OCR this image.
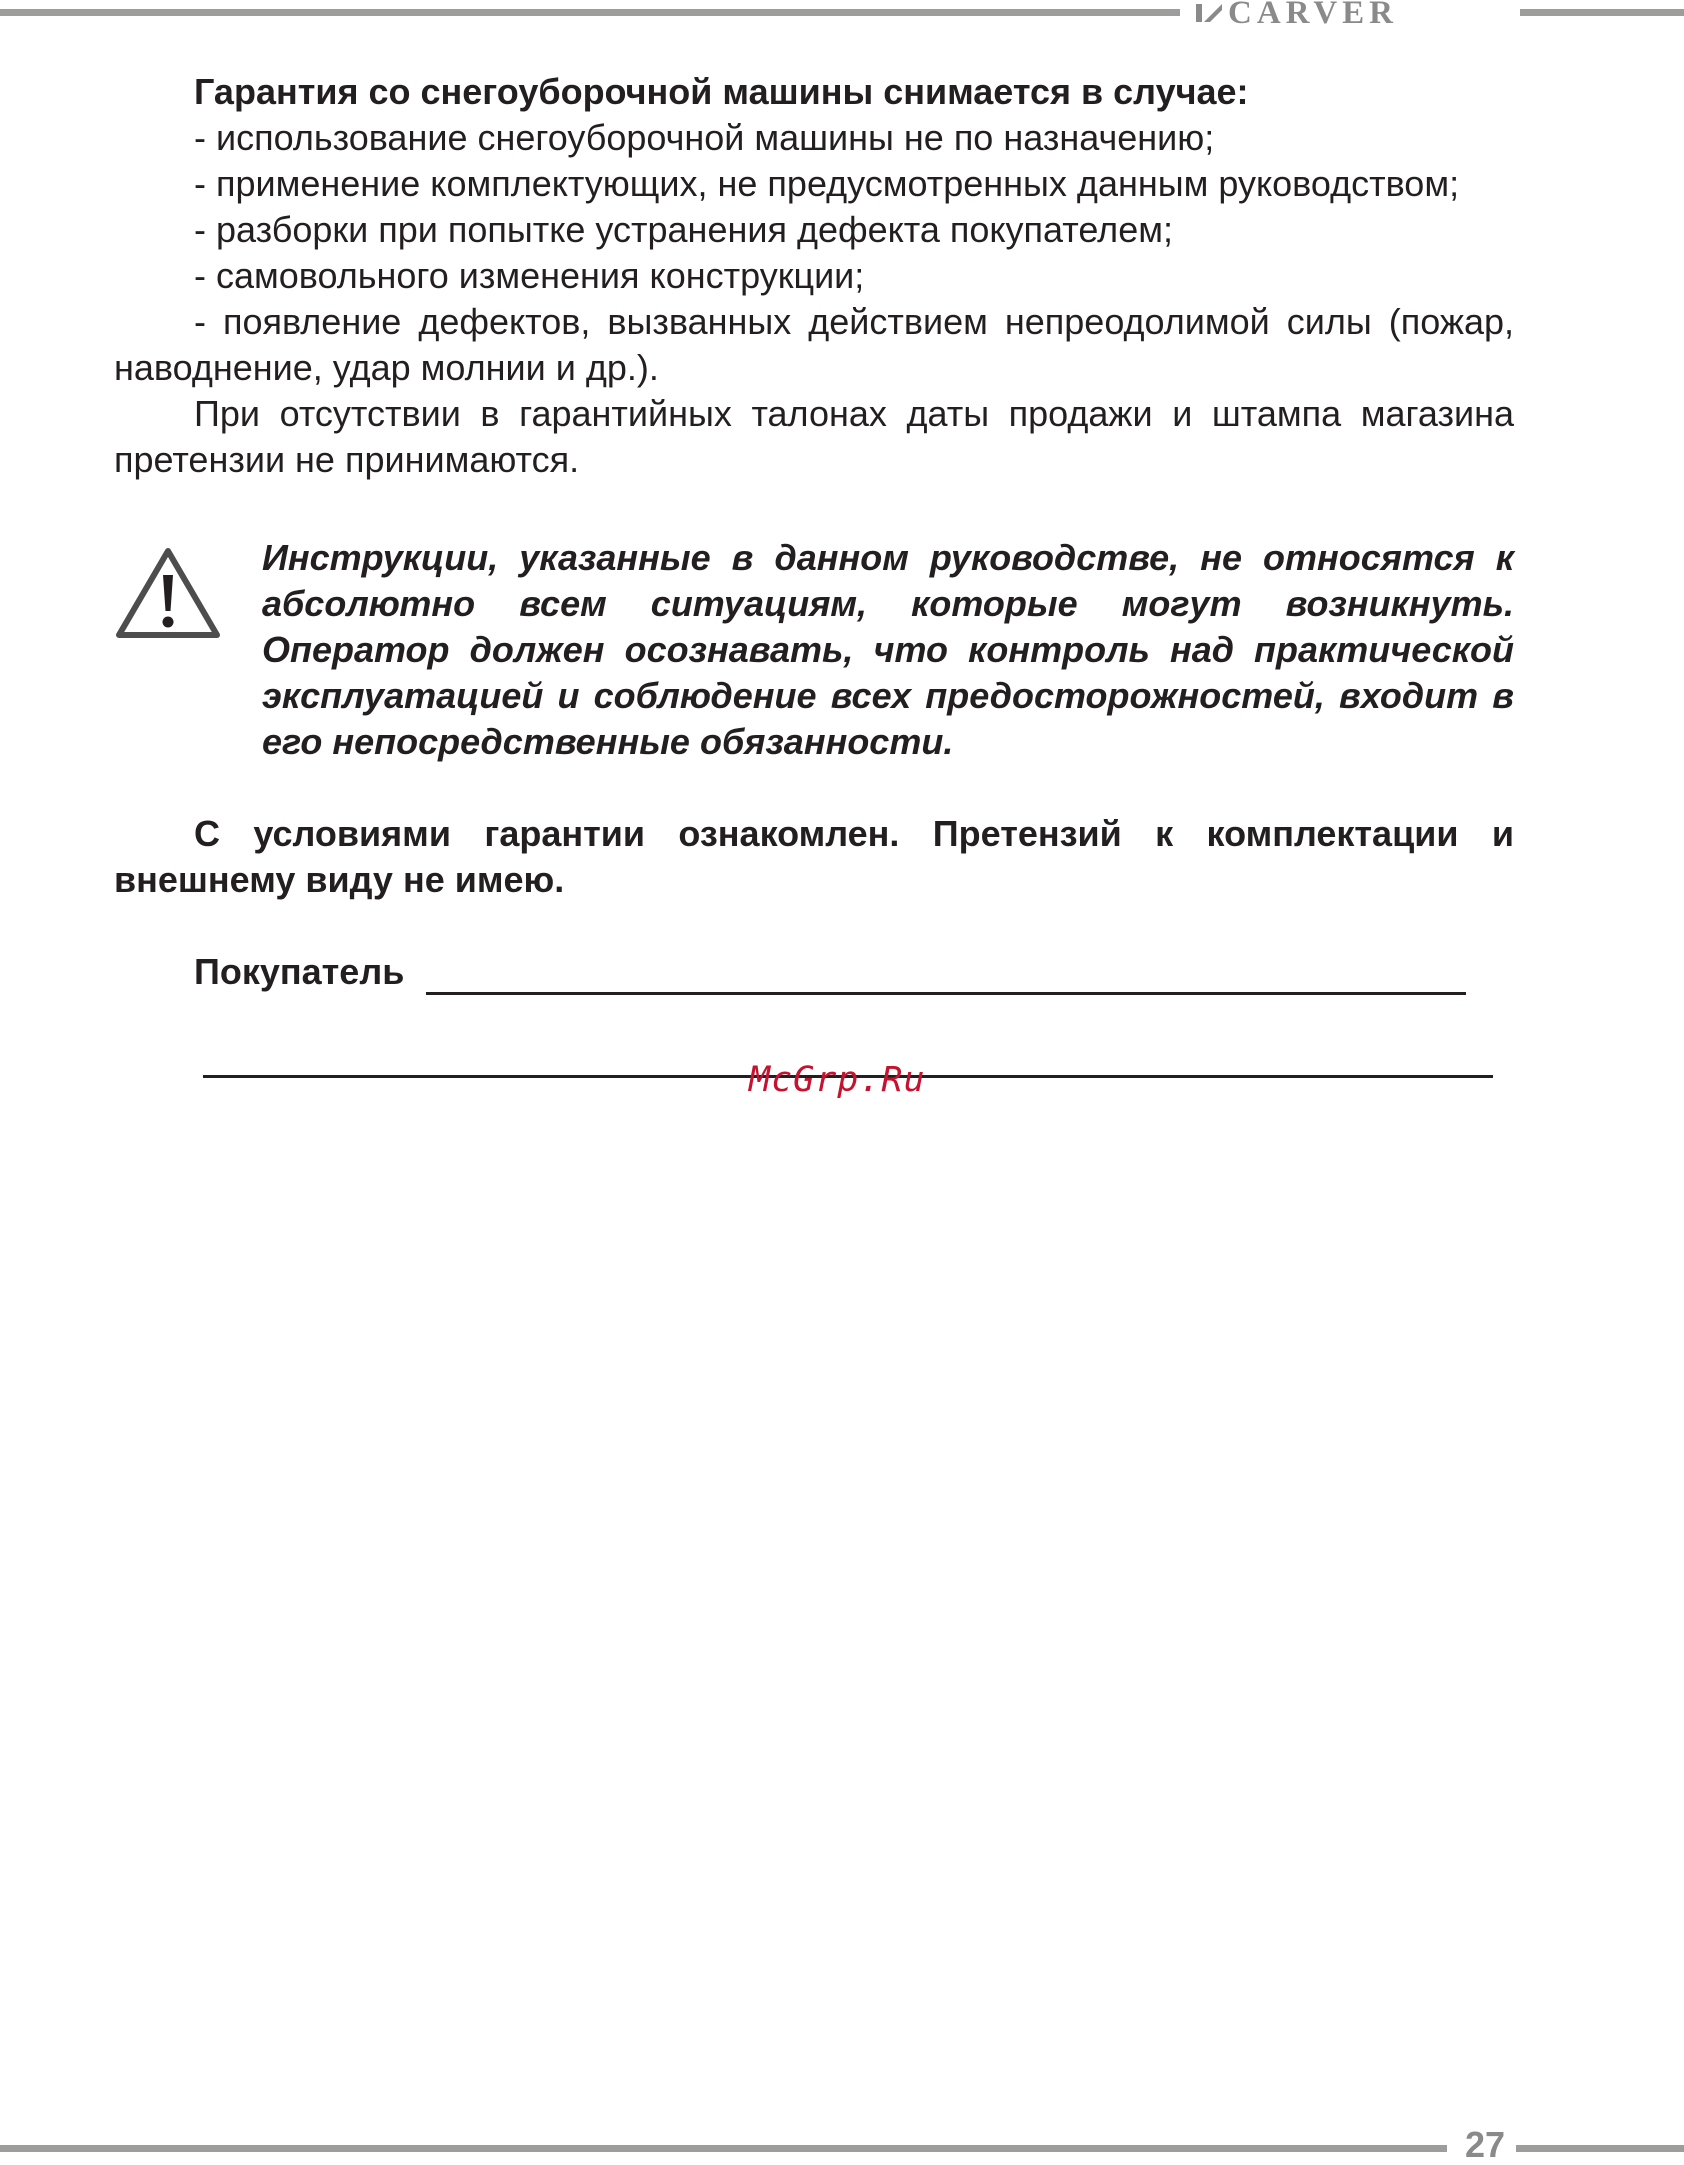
CARVER

Гарантия со снегоуборочной машины снимается в случае:

- использование снегоуборочной машины не по назначению;

- применение комплектующих, не предусмотренных данным руководством;

- разборки при попытке устранения дефекта покупателем;

- самовольного изменения конструкции;

- появление дефектов, вызванных действием непреодолимой силы (пожар, наводнение, удар молнии и др.).

При отсутствии в гарантийных талонах даты продажи и штампа магазина претензии не принимаются.

Инструкции, указанные в данном руководстве, не относятся к абсолютно всем ситуациям, которые могут возникнуть. Оператор должен осознавать, что контроль над практической эксплуатацией и соблюдение всех предосторожностей, входит в его непосредственные обязанности.

С условиями гарантии ознакомлен. Претензий к комплектации и внешнему виду не имею.

Покупатель
McGrp.Ru
27
